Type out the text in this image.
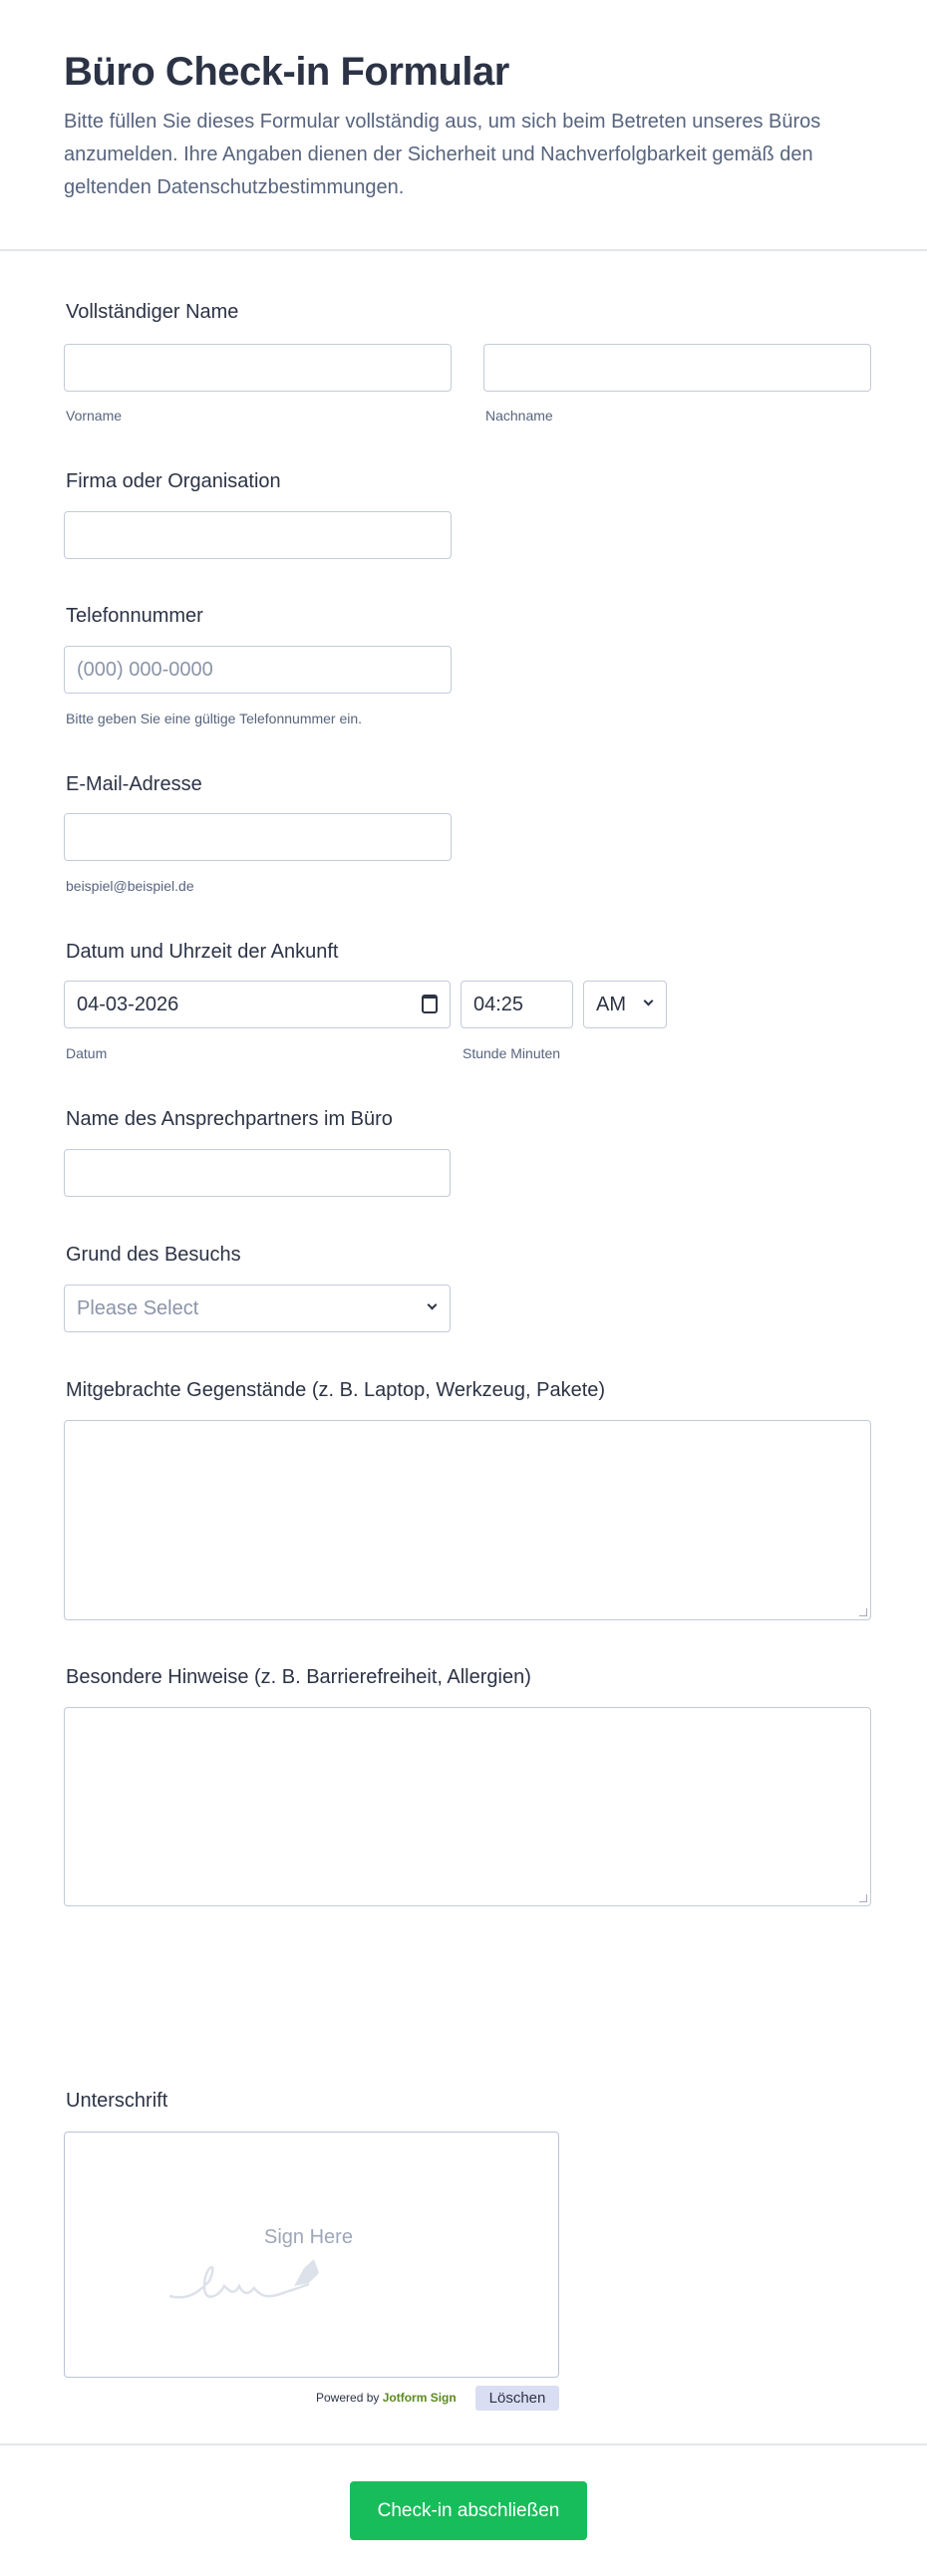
Büro Check-in Formular

Bitte füllen Sie dieses Formular vollständig aus, um sich beim Betreten unseres Büros anzumelden. Ihre Angaben dienen der Sicherheit und Nachverfolgbarkeit gemäß den geltenden Datenschutzbestimmungen.

Vollständiger Name
Vorname	Nachname
Firma oder Organisation
Telefonnummer
(000) 000-0000
Bitte geben Sie eine gültige Telefonnummer ein.
E-Mail-Adresse
beispiel@beispiel.de
Datum und Uhrzeit der Ankunft
04-03-2026	04:25	AM
Datum	Stunde Minuten
Name des Ansprechpartners im Büro
Grund des Besuchs
Please Select
Mitgebrachte Gegenstände (z. B. Laptop, Werkzeug, Pakete)
Besondere Hinweise (z. B. Barrierefreiheit, Allergien)
Unterschrift
Sign Here
Powered by Jotform Sign	Löschen
Check-in abschließen
